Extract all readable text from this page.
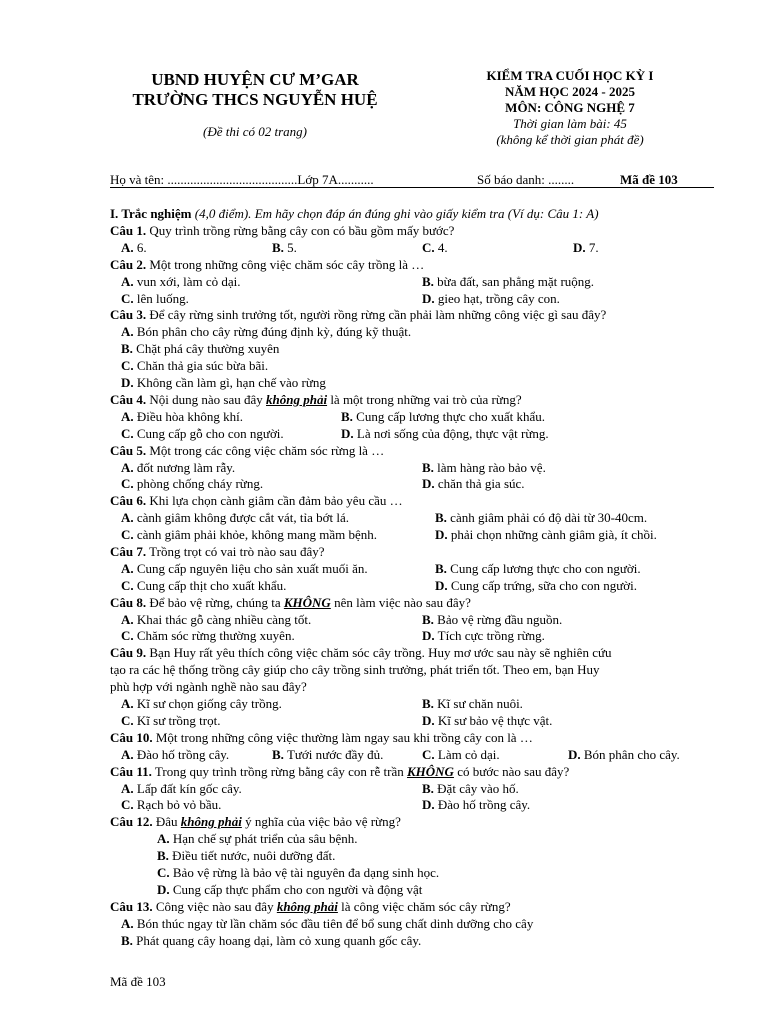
UBND HUYỆN CƯ M’GAR
TRƯỜNG THCS NGUYỄN HUỆ
(Đề thi có 02 trang)
KIỂM TRA CUỐI HỌC KỲ I
NĂM HỌC 2024 - 2025
MÔN: CÔNG NGHỆ 7
Thời gian làm bài: 45
(không kể thời gian phát đề)
Họ và tên: ........................................Lớp 7A...........	Số báo danh: ........	Mã đề 103
I. Trắc nghiệm (4,0 điểm). Em hãy chọn đáp án đúng ghi vào giấy kiểm tra (Ví dụ: Câu 1: A)
Câu 1. Quy trình trồng rừng bằng cây con có bầu gồm mấy bước?
A. 6.	B. 5.	C. 4.	D. 7.
Câu 2. Một trong những công việc chăm sóc cây trồng là …
A. vun xới, làm cỏ dại.	B. bừa đất, san phẳng mặt ruộng.
C. lên luống.	D. gieo hạt, trồng cây con.
Câu 3. Để cây rừng sinh trưởng tốt, người rồng rừng cần phải làm những công việc gì sau đây?
A. Bón phân cho cây rừng đúng định kỳ, đúng kỹ thuật.
B. Chặt phá cây thường xuyên
C. Chăn thả gia súc bừa bãi.
D. Không cần làm gì, hạn chế vào rừng
Câu 4. Nội dung nào sau đây không phải là một trong những vai trò của rừng?
A. Điều hòa không khí.	B. Cung cấp lương thực cho xuất khẩu.
C. Cung cấp gỗ cho con người.	D. Là nơi sống của động, thực vật rừng.
Câu 5. Một trong các công việc chăm sóc rừng là …
A. đốt nương làm rẫy.	B. làm hàng rào bảo vệ.
C. phòng chống cháy rừng.	D. chăn thả gia súc.
Câu 6. Khi lựa chọn cành giâm cần đảm bảo yêu cầu …
A. cành giâm không được cắt vát, tỉa bớt lá.	B. cành giâm phải có độ dài từ 30-40cm.
C. cành giâm phải khỏe, không mang mầm bệnh.	D. phải chọn những cành giâm già, ít chồi.
Câu 7. Trồng trọt có vai trò nào sau đây?
A. Cung cấp nguyên liệu cho sản xuất muối ăn.	B. Cung cấp lương thực cho con người.
C. Cung cấp thịt cho xuất khẩu.	D. Cung cấp trứng, sữa cho con người.
Câu 8. Để bảo vệ rừng, chúng ta KHÔNG nên làm việc nào sau đây?
A. Khai thác gỗ càng nhiều càng tốt.	B. Bảo vệ rừng đầu nguồn.
C. Chăm sóc rừng thường xuyên.	D. Tích cực trồng rừng.
Câu 9. Bạn Huy rất yêu thích công việc chăm sóc cây trồng. Huy mơ ước sau này sẽ nghiên cứu
tạo ra các hệ thống trồng cây giúp cho cây trồng sinh trưởng, phát triển tốt. Theo em, bạn Huy
phù hợp với ngành nghề nào sau đây?
A. Kĩ sư chọn giống cây trồng.	B. Kĩ sư chăn nuôi.
C. Kĩ sư trồng trọt.	D. Kĩ sư bảo vệ thực vật.
Câu 10. Một trong những công việc thường làm ngay sau khi trồng cây con là …
A. Đào hố trồng cây.	B. Tưới nước đầy đủ.	C. Làm cỏ dại.	D. Bón phân cho cây.
Câu 11. Trong quy trình trồng rừng bằng cây con rễ trần KHÔNG có bước nào sau đây?
A. Lấp đất kín gốc cây.	B. Đặt cây vào hố.
C. Rạch bỏ vỏ bầu.	D. Đào hố trồng cây.
Câu 12. Đâu không phải ý nghĩa của việc bảo vệ rừng?
A. Hạn chế sự phát triển của sâu bệnh.
B. Điều tiết nước, nuôi dưỡng đất.
C. Bảo vệ rừng là bảo vệ tài nguyên đa dạng sinh học.
D. Cung cấp thực phẩm cho con người và động vật
Câu 13. Công việc nào sau đây không phải là công việc chăm sóc cây rừng?
A. Bón thúc ngay từ lần chăm sóc đầu tiên để bổ sung chất dinh dưỡng cho cây
B. Phát quang cây hoang dại, làm cỏ xung quanh gốc cây.
Mã đề 103
